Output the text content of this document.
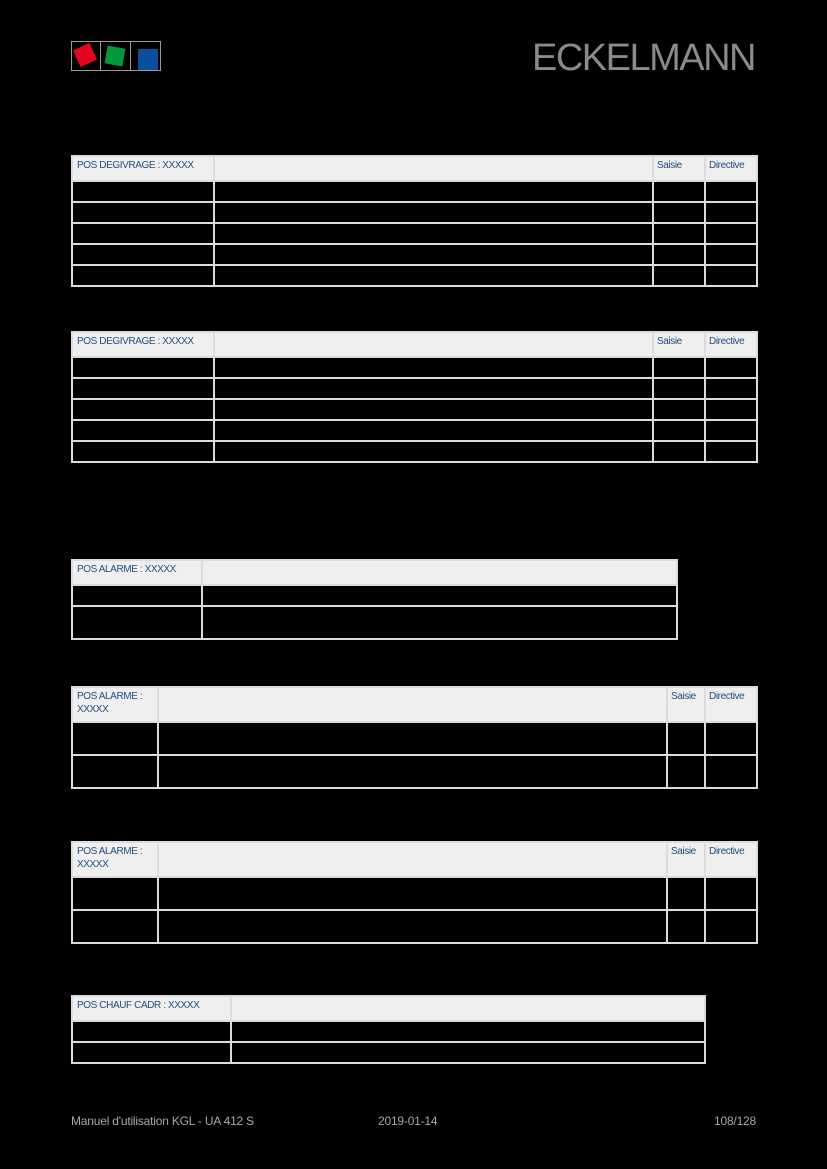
ECKELMANN
POS DEGIVRAGE : XXXXX		Saisie	Directive

POS DEGIVRAGE : XXXXX		Saisie	Directive

POS ALARME : XXXXX	

POS ALARME : XXXXX		Saisie	Directive

POS ALARME : XXXXX		Saisie	Directive

POS CHAUF CADR : XXXXX	

Manuel d'utilisation KGL - UA 412 S	2019-01-14	108/128
